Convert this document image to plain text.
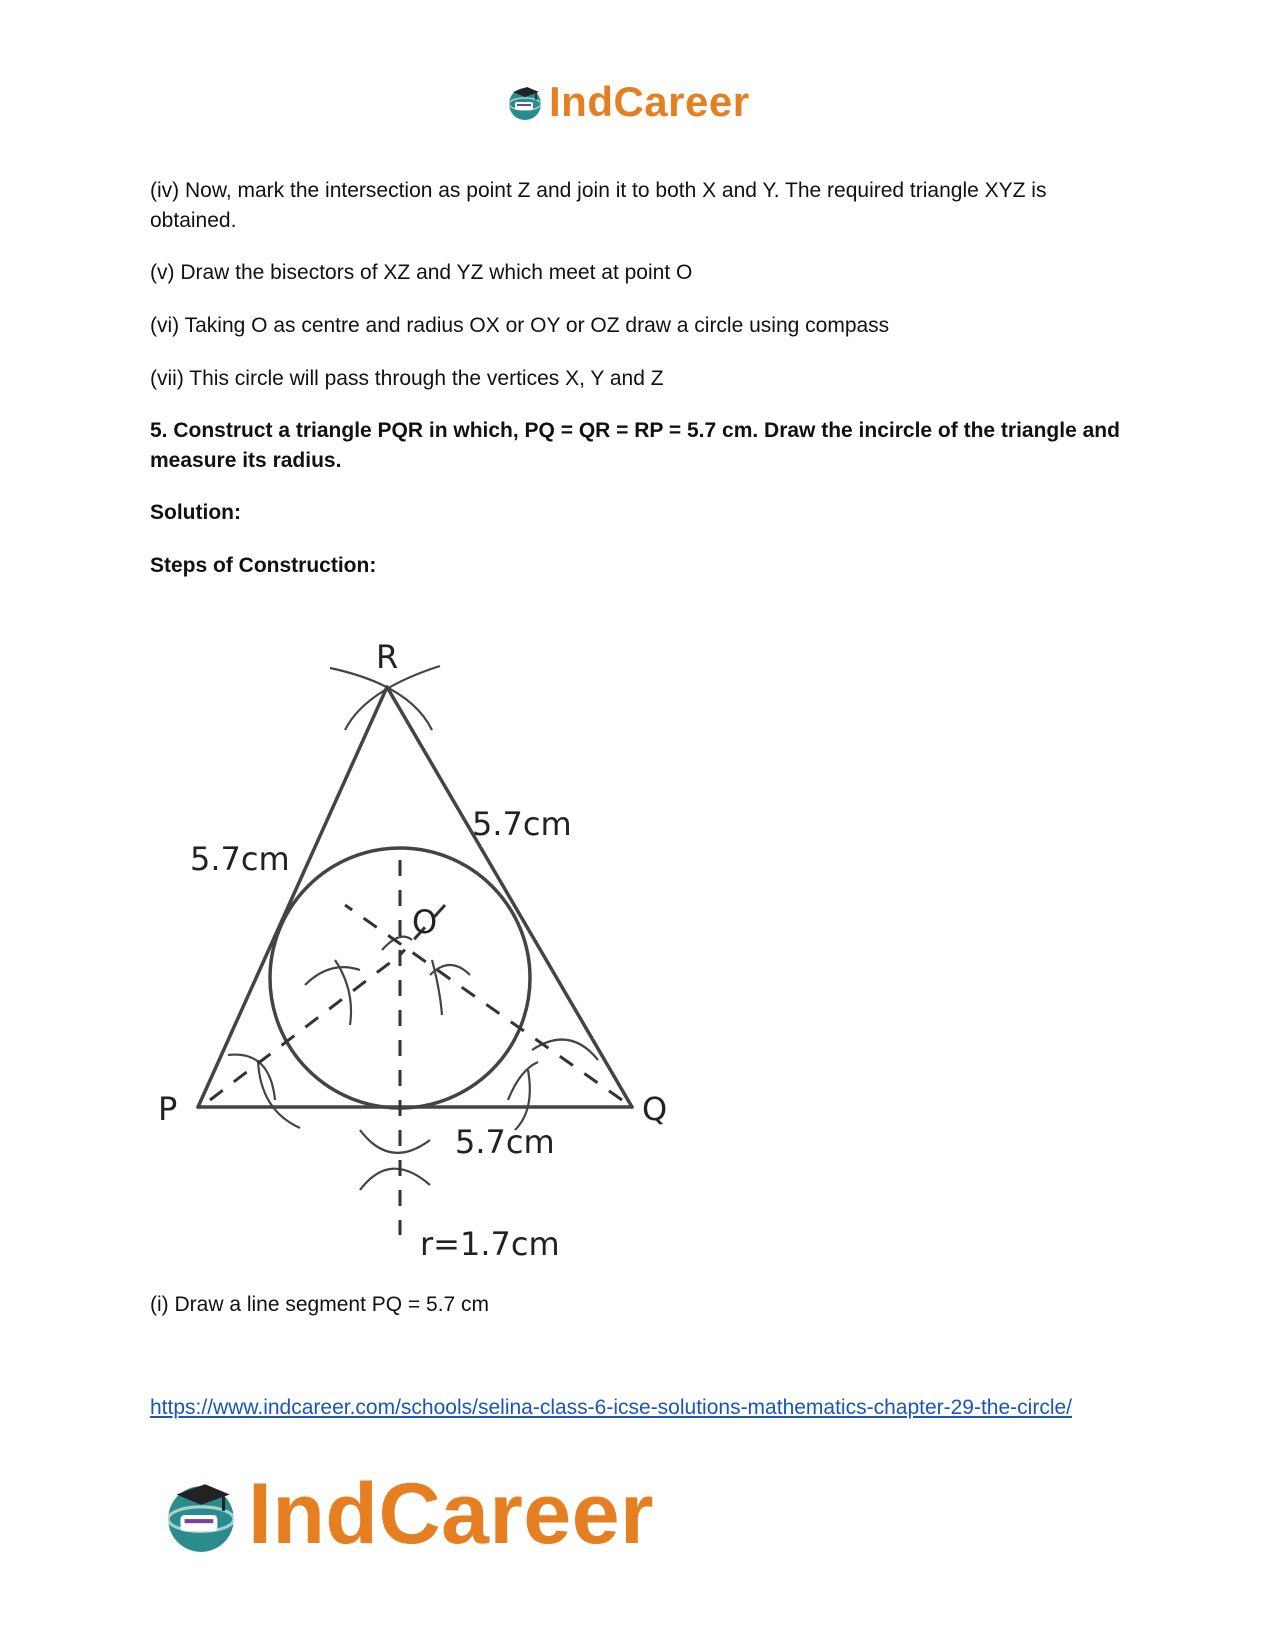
IndCareer

(iv) Now, mark the intersection as point Z and join it to both X and Y. The required triangle XYZ is obtained.

(v) Draw the bisectors of XZ and YZ which meet at point O

(vi) Taking O as centre and radius OX or OY or OZ draw a circle using compass

(vii) This circle will pass through the vertices X, Y and Z

5. Construct a triangle PQR in which, PQ = QR = RP = 5.7 cm. Draw the incircle of the triangle and measure its radius.

Solution:

Steps of Construction:

(i) Draw a line segment PQ = 5.7 cm

R
P	Q
O
5.7cm
5.7cm
5.7cm
r=1.7cm
https://www.indcareer.com/schools/selina-class-6-icse-solutions-mathematics-chapter-29-the-circle/
IndCareer
